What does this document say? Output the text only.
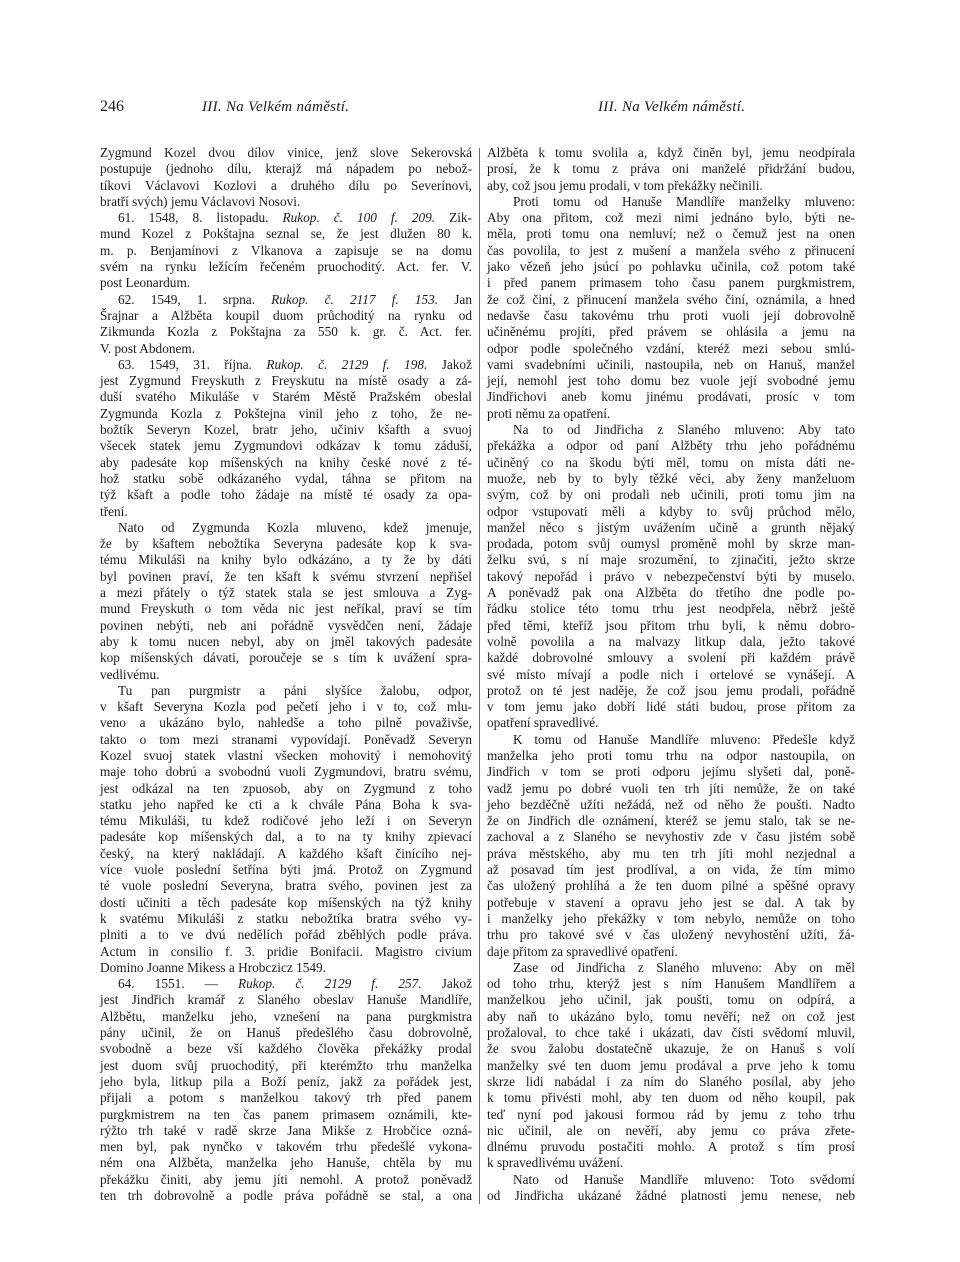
246	III. Na Velkém náměstí.	III. Na Velkém náměstí.
Zygmund Kozel dvou dílov vinice, jenž slove Sekerovská
postupuje (jednoho dílu, kterajž má nápadem po nebož-
tíkovi Václavovi Kozlovi a druhého dílu po Severínovi,
bratří svých) jemu Václavovi Nosovi.
61. 1548, 8. listopadu. Rukop. č. 100 f. 209. Zik-
mund Kozel z Pokštajna seznal se, že jest dlužen 80 k.
m. p. Benjamínovi z Vlkanova a zapisuje se na domu
svém na rynku ležícím řečeném pruochoditý. Act. fer. V.
post Leonardum.
62. 1549, 1. srpna. Rukop. č. 2117 f. 153. Jan
Šrajnar a Alžběta koupil duom průchoditý na rynku od
Zikmunda Kozla z Pokštajna za 550 k. gr. č. Act. fer.
V. post Abdonem.
63. 1549, 31. října. Rukop. č. 2129 f. 198. Jakož
jest Zygmund Freyskuth z Freyskutu na místě osady a zá-
duší svatého Mikuláše v Starém Městě Pražském obeslal
Zygmunda Kozla z Pokštejna vinil jeho z toho, že ne-
božtík Severyn Kozel, bratr jeho, učiniv kšafth a svuoj
všecek statek jemu Zygmundovi odkázav k tomu záduší,
aby padesáte kop míšenských na knihy české nové z té-
hož statku sobě odkázaného vydal, táhna se přitom na
týž kšaft a podle toho žádaje na místě té osady za opa-
tření.
Nato od Zygmunda Kozla mluveno, kdež jmenuje,
že by kšaftem nebožtíka Severyna padesáte kop k sva-
tému Mikuláši na knihy bylo odkázáno, a ty že by dáti
byl povinen praví, že ten kšaft k svému stvrzení nepřišel
a mezi přátely o týž statek stala se jest smlouva a Zyg-
mund Freyskuth o tom věda nic jest neříkal, praví se tím
povinen nebýti, neb ani pořádně vysvědčen není, žádaje
aby k tomu nucen nebyl, aby on jměl takových padesáte
kop míšenských dávati, poroučeje se s tím k uvážení spra-
vedlivému.
Tu pan purgmistr a páni slyšíce žalobu, odpor,
v kšaft Severyna Kozla pod pečetí jeho i v to, což mlu-
veno a ukázáno bylo, nahledše a toho pilně považivše,
takto o tom mezi stranami vypovídají. Poněvadž Severyn
Kozel svuoj statek vlastní všecken mohovitý i nemohovitý
maje toho dobrú a svobodnú vuoli Zygmundovi, bratru svému,
jest odkázal na ten zpuosob, aby on Zygmund z toho
statku jeho napřed ke cti a k chvále Pána Boha k sva-
tému Mikuláši, tu kdež rodičové jeho leží i on Severyn
padesáte kop míšenských dal, a to na ty knihy zpievací
český, na který nakládají. A každého kšaft činícího nej-
více vuole poslední šetřína býti jmá. Protož on Zygmund
té vuole poslední Severyna, bratra svého, povinen jest za
dosti učiniti a těch padesáte kop míšenských na týž knihy
k svatému Mikuláši z statku nebožtíka bratra svého vy-
plniti a to ve dvú nedělích pořád zběhlých podle práva.
Actum in consilio f. 3. pridie Bonifacii. Magistro civium
Domino Joanne Mikess a Hrobczicz 1549.
64. 1551. — Rukop. č. 2129 f. 257. Jakož
jest Jindřich kramář z Slaného obeslav Hanuše Mandlíře,
Alžbětu, manželku jeho, vznešení na pana purgkmistra
pány učinil, že on Hanuš předešlého času dobrovolně,
svobodně a beze vší každého člověka překážky prodal
jest duom svůj pruochoditý, při kterémžto trhu manželka
jeho byla, litkup pila a Boží peníz, jakž za pořádek jest,
přijali a potom s manželkou takový trh před panem
purgkmistrem na ten čas panem primasem oznámili, kte-
rýžto trh také v radě skrze Jana Mikše z Hrobčice ozná-
men byl, pak nynčko v takovém trhu předešlé vykona-
ném ona Alžběta, manželka jeho Hanuše, chtěla by mu
překážku činiti, aby jemu jíti nemohl. A protož poněvadž
ten trh dobrovolně a podle práva pořádně se stal, a ona
Alžběta k tomu svolila a, když činěn byl, jemu neodpírala
prosí, že k tomu z práva oni manželé přidržání budou,
aby, což jsou jemu prodali, v tom překážky nečinili.
Proti tomu od Hanuše Mandlíře manželky mluveno:
Aby ona přitom, což mezi nimi jednáno bylo, býti ne-
měla, proti tomu ona nemluví; než o čemuž jest na onen
čas povolila, to jest z mušení a manžela svého z přinucení
jako vězeň jeho jsúcí po pohlavku učinila, což potom také
i před panem primasem toho času panem purgkmistrem,
že což činí, z přinucení manžela svého činí, oznámila, a hned
nedavše času takovému trhu proti vuoli její dobrovolně
učiněnému projíti, před právem se ohlásila a jemu na
odpor podle společného vzdání, kteréž mezi sebou smlú-
vami svadebními učinili, nastoupila, neb on Hanuš, manžel
její, nemohl jest toho domu bez vuole její svobodné jemu
Jindřichovi aneb komu jinému prodávati, prosíc v tom
proti němu za opatření.
Na to od Jindřicha z Slaného mluveno: Aby tato
překážka a odpor od paní Alžběty trhu jeho pořádnému
učiněný co na škodu býti měl, tomu on místa dáti ne-
muože, neb by to byly těžké věci, aby ženy manželuom
svým, což by oni prodali neb učinili, proti tomu jim na
odpor vstupovati měli a kdyby to svůj průchod mělo,
manžel něco s jistým uvážením učině a grunth nějaký
prodada, potom svůj oumysl proměně mohl by skrze man-
želku svú, s ní maje srozumění, to zjinačiti, ježto skrze
takový nepořád i právo v nebezpečenství býti by muselo.
A poněvadž pak ona Alžběta do třetího dne podle po-
řádku stolice této tomu trhu jest neodpřela, něbrž ještě
před těmi, kteříž jsou přitom trhu byli, k němu dobro-
volně povolila a na malvazy litkup dala, ježto takové
každé dobrovolné smlouvy a svolení při každém právě
své místo mívají a podle nich i ortelové se vynášejí. A
protož on té jest naděje, že což jsou jemu prodali, pořádně
v tom jemu jako dobří lidé státi budou, prose přitom za
opatření spravedlivé.
K tomu od Hanuše Mandlíře mluveno: Předešle když
manželka jeho proti tomu trhu na odpor nastoupila, on
Jindřich v tom se proti odporu jejímu slyšeti dal, poně-
vadž jemu po dobré vuoli ten trh jíti nemůže, že on také
jeho bezděčně užíti nežádá, než od něho že poušti. Nadto
že on Jindřich dle oznámení, kteréž se jemu stalo, tak se ne-
zachoval a z Slaného se nevyhostiv zde v času jistém sobě
práva městského, aby mu ten trh jíti mohl nezjednal a
až posavad tím jest prodlíval, a on vida, že tím mimo
čas uložený prohlíhá a že ten duom pilné a spěšné opravy
potřebuje v stavení a opravu jeho jest se dal. A tak by
i manželky jeho překážky v tom nebylo, nemůže on toho
trhu pro takové své v čas uložený nevyhostění užíti, žá-
daje přitom za spravedlivé opatření.
Zase od Jindřicha z Slaného mluveno: Aby on měl
od toho trhu, kterýž jest s ním Hanušem Mandlířem a
manželkou jeho učinil, jak poušti, tomu on odpírá, a
aby naň to ukázáno bylo, tomu nevěří; než on což jest
prožaloval, to chce také i ukázati, dav čísti svědomí mluvil,
že svou žalobu dostatečně ukazuje, že on Hanuš s volí
manželky své ten duom jemu prodával a prve jeho k tomu
skrze lidi nabádal i za ním do Slaného posílal, aby jeho
k tomu přivésti mohl, aby ten duom od něho koupil, pak
teď nyní pod jakousi formou rád by jemu z toho trhu
nic učinil, ale on nevěří, aby jemu co práva zřete-
dlnému pruvodu postačiti mohlo. A protož s tím prosí
k spravedlivému uvážení.
Nato od Hanuše Mandlíře mluveno: Toto svědomí
od Jindřicha ukázané žádné platnosti jemu nenese, neb
